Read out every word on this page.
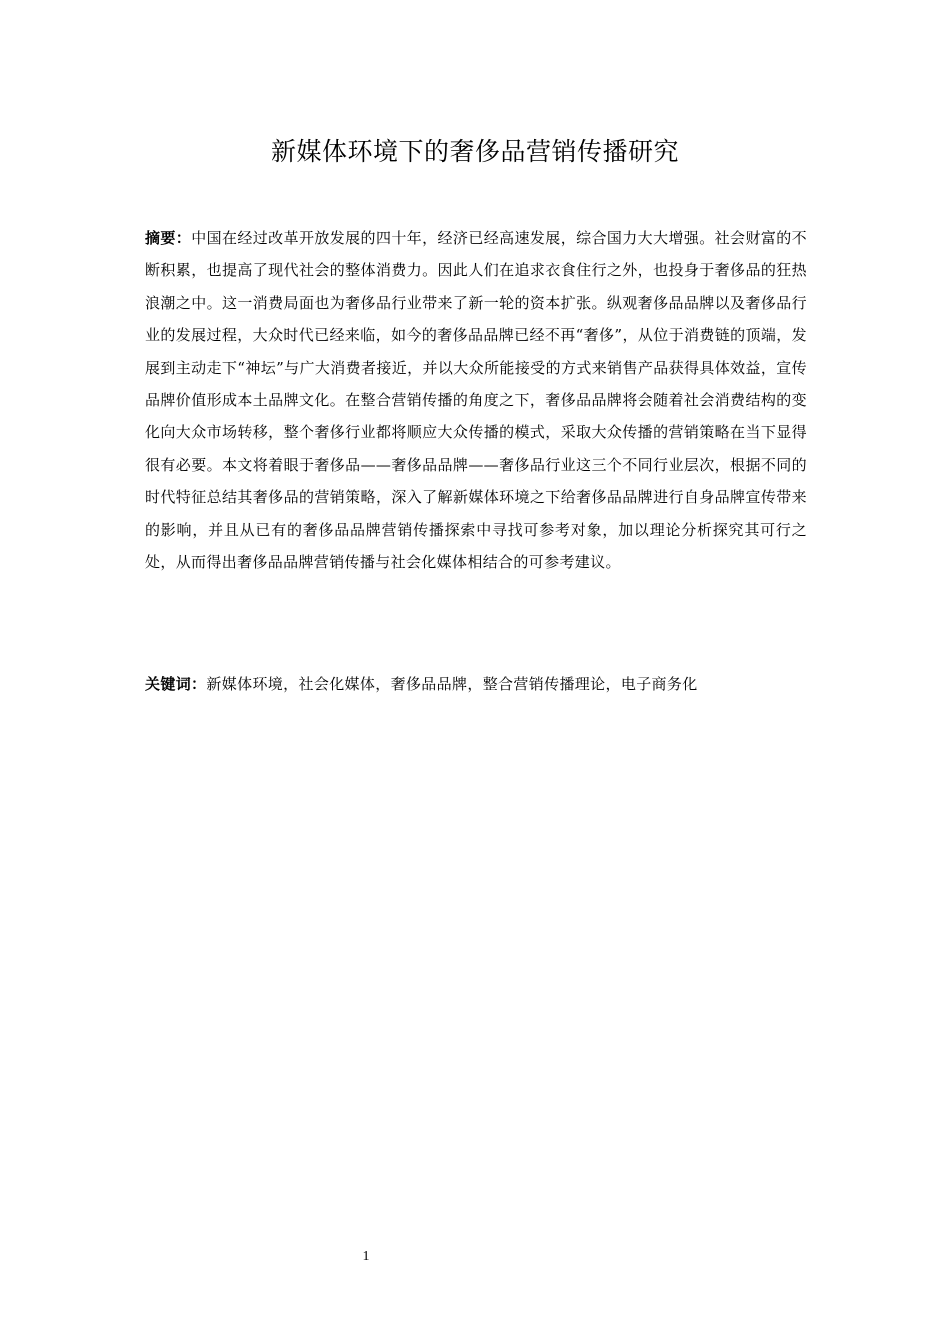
新媒体环境下的奢侈品营销传播研究
摘要：中国在经过改革开放发展的四十年，经济已经高速发展，综合国力大大增强。社会财富的不断积累，也提高了现代社会的整体消费力。因此人们在追求衣食住行之外，也投身于奢侈品的狂热浪潮之中。这一消费局面也为奢侈品行业带来了新一轮的资本扩张。纵观奢侈品品牌以及奢侈品行业的发展过程，大众时代已经来临，如今的奢侈品品牌已经不再“奢侈”，从位于消费链的顶端，发展到主动走下“神坛”与广大消费者接近，并以大众所能接受的方式来销售产品获得具体效益，宣传品牌价值形成本土品牌文化。在整合营销传播的角度之下，奢侈品品牌将会随着社会消费结构的变化向大众市场转移，整个奢侈行业都将顺应大众传播的模式，采取大众传播的营销策略在当下显得很有必要。本文将着眼于奢侈品——奢侈品品牌——奢侈品行业这三个不同行业层次，根据不同的时代特征总结其奢侈品的营销策略，深入了解新媒体环境之下给奢侈品品牌进行自身品牌宣传带来的影响，并且从已有的奢侈品品牌营销传播探索中寻找可参考对象，加以理论分析探究其可行之处，从而得出奢侈品品牌营销传播与社会化媒体相结合的可参考建议。
关键词：新媒体环境，社会化媒体，奢侈品品牌，整合营销传播理论，电子商务化
1
